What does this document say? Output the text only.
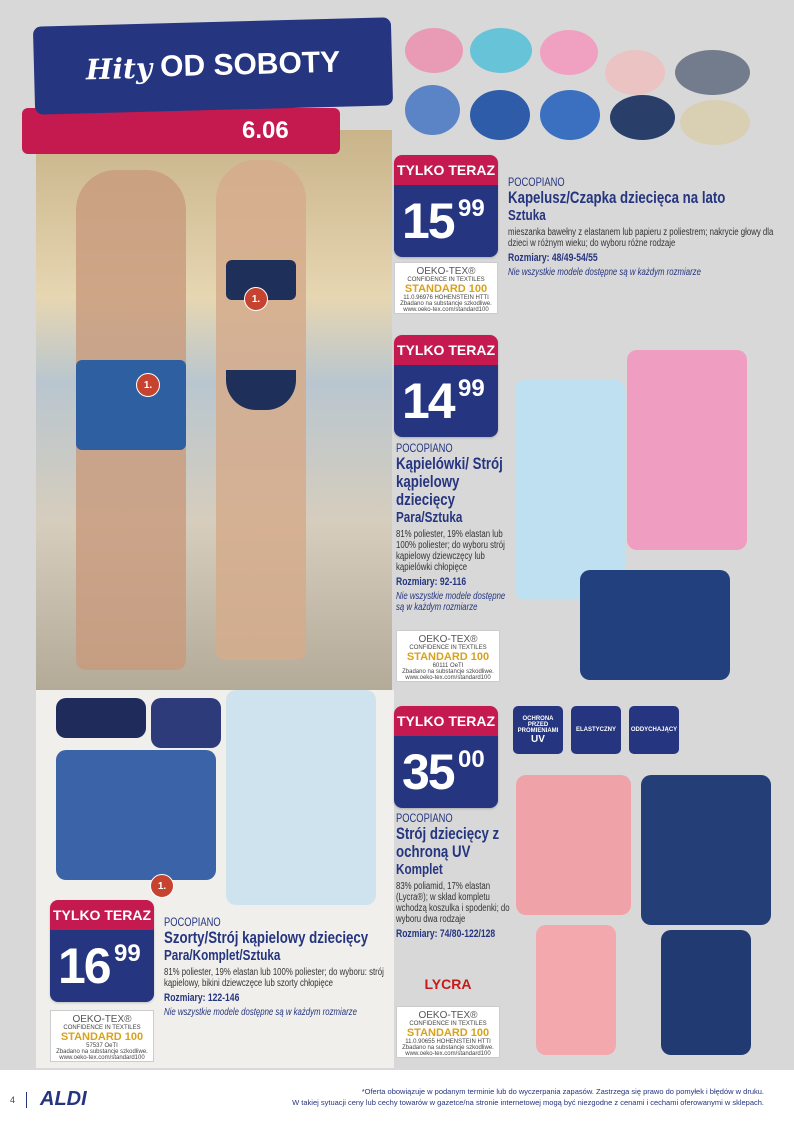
6.06
Hity OD SOBOTY
TYLKO TERAZ
15 99 *
POCOPIANO
Kapelusz/Czapka dziecięca na lato
Sztuka
mieszanka bawełny z elastanem lub papieru z poliestrem; nakrycie głowy dla dzieci w różnym wieku; do wyboru różne rodzaje
Rozmiary: 48/49-54/55
Nie wszystkie modele dostępne są w każdym rozmiarze
OEKO-TEX®
CONFIDENCE IN TEXTILES
STANDARD 100
11.0.96976 HOHENSTEIN HTTI
Zbadano na substancje szkodliwe.
www.oeko-tex.com/standard100
TYLKO TERAZ
14 99 *
POCOPIANO
Kąpielówki/ Strój kąpielowy dziecięcy
Para/Sztuka
81% poliester, 19% elastan lub 100% poliester; do wyboru strój kąpielowy dziewczęcy lub kąpielówki chłopięce
Rozmiary: 92-116
Nie wszystkie modele dostępne są w każdym rozmiarze
OEKO-TEX®
CONFIDENCE IN TEXTILES
STANDARD 100
60111 OeTI
Zbadano na substancje szkodliwe.
www.oeko-tex.com/standard100
TYLKO TERAZ
35 00 *
OCHRONA PRZED PROMIENIAMI
UV
ELASTYCZNY ODDYCHAJĄCY
POCOPIANO
Strój dziecięcy z ochroną UV
Komplet
83% poliamid, 17% elastan (Lycra®); w skład kompletu wchodzą koszulka i spodenki; do wyboru dwa rodzaje
Rozmiary: 74/80-122/128
LYCRA
OEKO-TEX®
CONFIDENCE IN TEXTILES
STANDARD 100
11.0.90655 HOHENSTEIN HTTI
Zbadano na substancje szkodliwe.
www.oeko-tex.com/standard100
TYLKO TERAZ
16 99 *
POCOPIANO
Szorty/Strój kąpielowy dziecięcy
Para/Komplet/Sztuka
81% poliester, 19% elastan lub 100% poliester; do wyboru: strój kąpielowy, bikini dziewczęce lub szorty chłopięce
Rozmiary: 122-146
Nie wszystkie modele dostępne są w każdym rozmiarze
OEKO-TEX®
CONFIDENCE IN TEXTILES
STANDARD 100
57537 OeTI
Zbadano na substancje szkodliwe.
www.oeko-tex.com/standard100
1.
1.
1.
4 ALDI	*Oferta obowiązuje w podanym terminie lub do wyczerpania zapasów. Zastrzega się prawo do pomyłek i błędów w druku.
W takiej sytuacji ceny lub cechy towarów w gazetce/na stronie internetowej mogą być niezgodne z cenami i cechami oferowanymi w sklepach.
